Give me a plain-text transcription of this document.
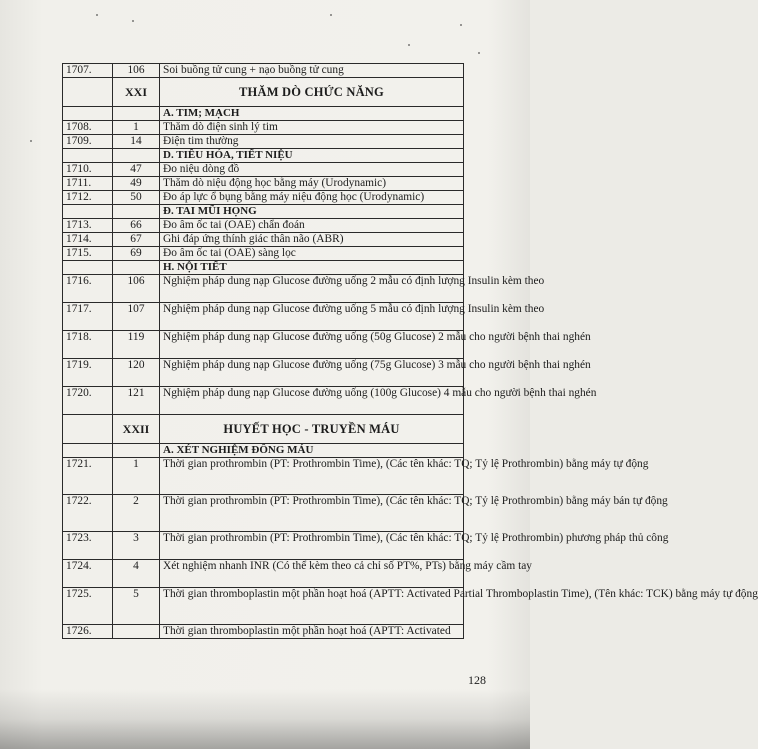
1707.	106	Soi buồng tử cung + nạo buồng tử cung
	XXI	THĂM DÒ CHỨC NĂNG
		A. TIM; MẠCH
1708.	1	Thăm dò điện sinh lý tim
1709.	14	Điện tim thường
		D. TIÊU HÓA, TIẾT NIỆU
1710.	47	Đo niệu dòng đồ
1711.	49	Thăm dò niệu động học bằng máy (Urodynamic)
1712.	50	Đo áp lực ổ bụng bằng máy niệu động học (Urodynamic)
		Đ. TAI MŨI HỌNG
1713.	66	Đo âm ốc tai (OAE) chẩn đoán
1714.	67	Ghi đáp ứng thính giác thân não (ABR)
1715.	69	Đo âm ốc tai (OAE) sàng lọc
		H. NỘI TIẾT
1716.	106	Nghiệm pháp dung nạp Glucose đường uống 2 mẫu có định lượng Insulin kèm theo
1717.	107	Nghiệm pháp dung nạp Glucose đường uống 5 mẫu có định lượng Insulin kèm theo
1718.	119	Nghiệm pháp dung nạp Glucose đường uống (50g Glucose) 2 mẫu cho người bệnh thai nghén
1719.	120	Nghiệm pháp dung nạp Glucose đường uống (75g Glucose) 3 mẫu cho người bệnh thai nghén
1720.	121	Nghiệm pháp dung nạp Glucose đường uống (100g Glucose) 4 mẫu cho người bệnh thai nghén
	XXII	HUYẾT HỌC - TRUYỀN MÁU
		A. XÉT NGHIỆM ĐÔNG MÁU
1721.	1	Thời gian prothrombin (PT: Prothrombin Time), (Các tên khác: TQ; Tỷ lệ Prothrombin) bằng máy tự động
1722.	2	Thời gian prothrombin (PT: Prothrombin Time), (Các tên khác: TQ; Tỷ lệ Prothrombin) bằng máy bán tự động
1723.	3	Thời gian prothrombin (PT: Prothrombin Time), (Các tên khác: TQ; Tỷ lệ Prothrombin) phương pháp thủ công
1724.	4	Xét nghiệm nhanh INR (Có thể kèm theo cả chỉ số PT%, PTs) bằng máy cầm tay
1725.	5	Thời gian thromboplastin một phần hoạt hoá (APTT: Activated Partial Thromboplastin Time), (Tên khác: TCK) bằng máy tự động
1726.		Thời gian thromboplastin một phần hoạt hoá (APTT: Activated
128
